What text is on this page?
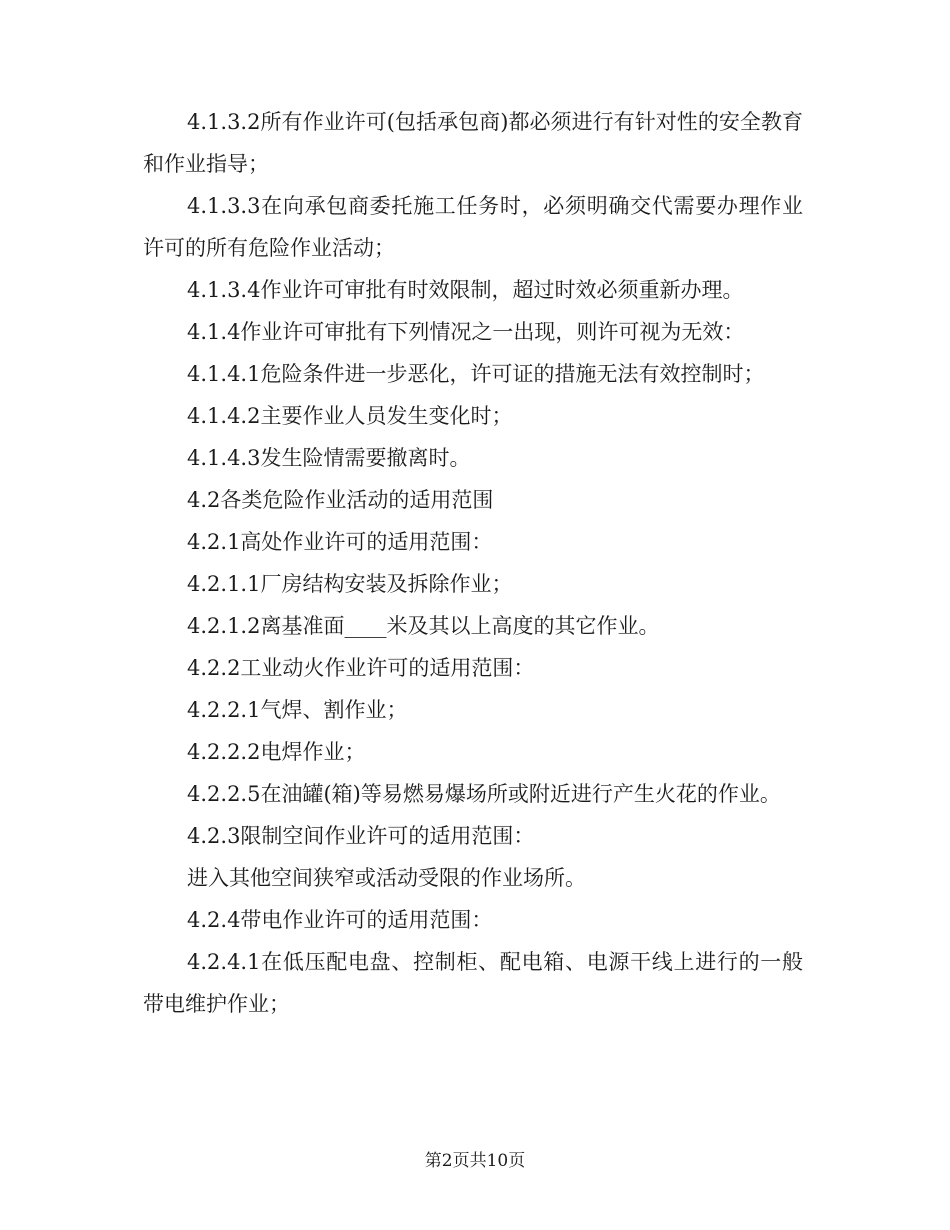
4.1.3.2所有作业许可(包括承包商)都必须进行有针对性的安全教育和作业指导；

4.1.3.3在向承包商委托施工任务时，必须明确交代需要办理作业许可的所有危险作业活动；

4.1.3.4作业许可审批有时效限制，超过时效必须重新办理。

4.1.4作业许可审批有下列情况之一出现，则许可视为无效：

4.1.4.1危险条件进一步恶化，许可证的措施无法有效控制时；

4.1.4.2主要作业人员发生变化时；

4.1.4.3发生险情需要撤离时。

4.2各类危险作业活动的适用范围

4.2.1高处作业许可的适用范围：

4.2.1.1厂房结构安装及拆除作业；

4.2.1.2离基准面____米及其以上高度的其它作业。

4.2.2工业动火作业许可的适用范围：

4.2.2.1气焊、割作业；

4.2.2.2电焊作业；

4.2.2.5在油罐(箱)等易燃易爆场所或附近进行产生火花的作业。

4.2.3限制空间作业许可的适用范围：

进入其他空间狭窄或活动受限的作业场所。

4.2.4带电作业许可的适用范围：

4.2.4.1在低压配电盘、控制柜、配电箱、电源干线上进行的一般带电维护作业；

第2页共10页
